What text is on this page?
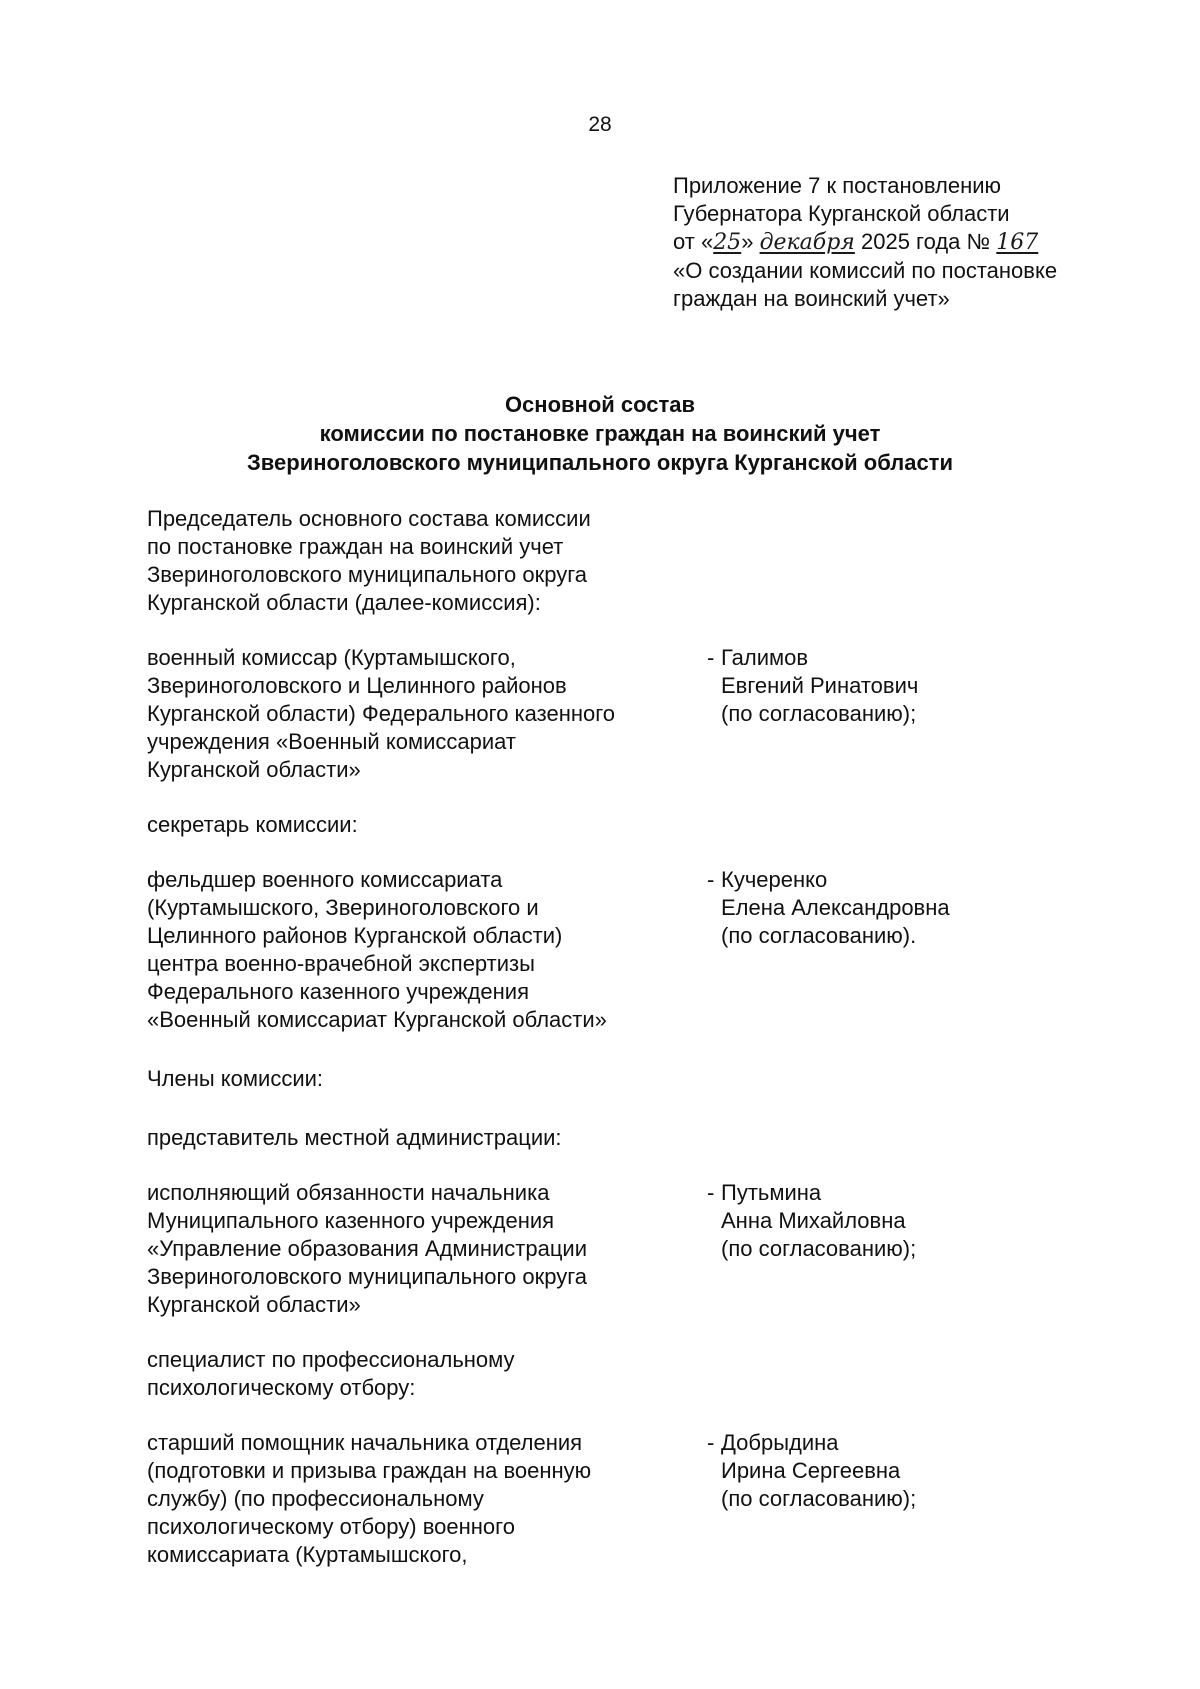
28
Приложение 7 к постановлению
Губернатора Курганской области
от «25» декабря 2025 года № 167
«О создании комиссий по постановке
граждан на воинский учет»
Основной состав
комиссии по постановке граждан на воинский учет
Звериноголовского муниципального округа Курганской области
Председатель основного состава комиссии
по постановке граждан на воинский учет
Звериноголовского муниципального округа
Курганской области (далее-комиссия):
военный комиссар (Куртамышского,
Звериноголовского и Целинного районов
Курганской области) Федерального казенного
учреждения «Военный комиссариат
Курганской области»
- Галимов
Евгений Ринатович
(по согласованию);
секретарь комиссии:
фельдшер военного комиссариата
(Куртамышского, Звериноголовского и
Целинного районов Курганской области)
центра военно-врачебной экспертизы
Федерального казенного учреждения
«Военный комиссариат Курганской области»
- Кучеренко
Елена Александровна
(по согласованию).
Члены комиссии:
представитель местной администрации:
исполняющий обязанности начальника
Муниципального казенного учреждения
«Управление образования Администрации
Звериноголовского муниципального округа
Курганской области»
- Путьмина
Анна Михайловна
(по согласованию);
специалист по профессиональному
психологическому отбору:
старший помощник начальника отделения
(подготовки и призыва граждан на военную
службу) (по профессиональному
психологическому отбору) военного
комиссариата (Куртамышского,
- Добрыдина
Ирина Сергеевна
(по согласованию);
